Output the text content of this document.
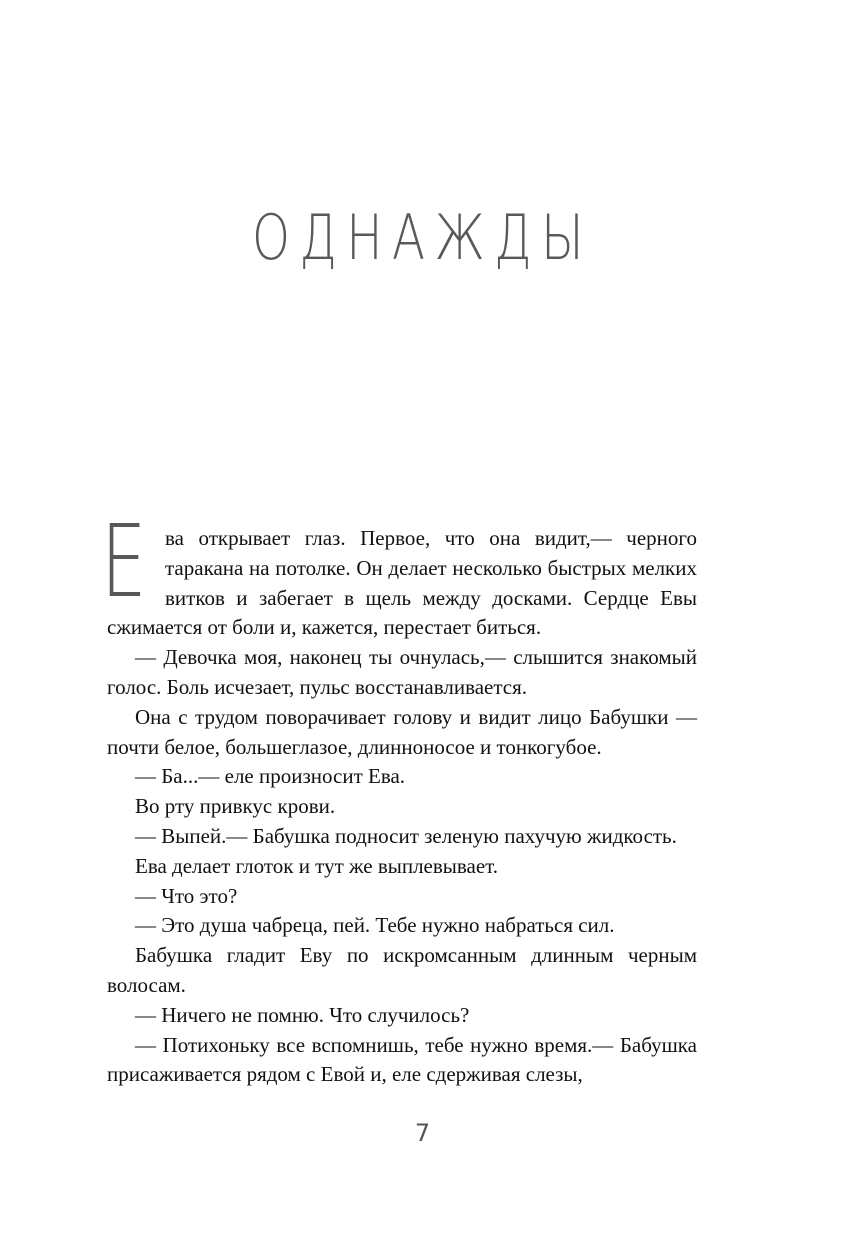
ОДНАЖДЫ

Ева открывает глаз. Первое, что она видит,— черного таракана на потолке. Он делает несколько быстрых мелких витков и забегает в щель между досками. Сердце Евы сжимается от боли и, кажется, перестает биться.

— Девочка моя, наконец ты очнулась,— слышится знакомый голос. Боль исчезает, пульс восстанавливается.

Она с трудом поворачивает голову и видит лицо Бабушки — почти белое, большеглазое, длинноносое и тонкогубое.

— Ба...— еле произносит Ева.

Во рту привкус крови.

— Выпей.— Бабушка подносит зеленую пахучую жидкость.

Ева делает глоток и тут же выплевывает.

— Что это?

— Это душа чабреца, пей. Тебе нужно набраться сил.

Бабушка гладит Еву по искромсанным длинным черным волосам.

— Ничего не помню. Что случилось?

— Потихоньку все вспомнишь, тебе нужно время.— Бабушка присаживается рядом с Евой и, еле сдерживая слезы,

7
